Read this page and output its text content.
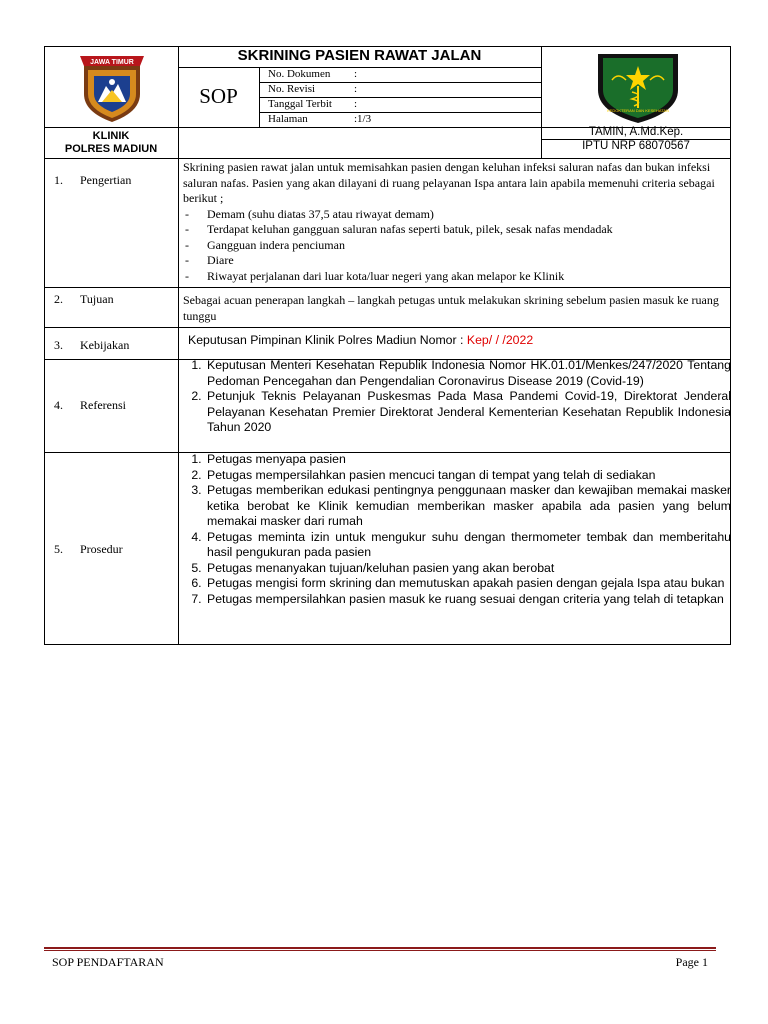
JAWA TIMUR
KLINIK
POLRES MADIUN
SKRINING PASIEN RAWAT JALAN
SOP
No. Dokumen :
No. Revisi	:
Tanggal Terbit :
Halaman	:1/3
KEDOKTERAN DAN KESEHATAN
TAMIN, A.Md.Kep.
IPTU NRP 68070567
1. Pengertian
Skrining pasien rawat jalan untuk memisahkan pasien dengan keluhan infeksi saluran nafas dan bukan infeksi saluran nafas. Pasien yang akan dilayani di ruang pelayanan Ispa antara lain apabila memenuhi criteria sebagai berikut ;
- Demam (suhu diatas 37,5 atau riwayat demam)
- Terdapat keluhan gangguan saluran nafas seperti batuk, pilek, sesak nafas mendadak
- Gangguan indera penciuman
- Diare
- Riwayat perjalanan dari luar kota/luar negeri yang akan melapor ke Klinik
2. Tujuan	Sebagai acuan penerapan langkah – langkah petugas untuk melakukan skrining sebelum pasien masuk ke ruang tunggu
3. Kebijakan	Keputusan Pimpinan Klinik Polres Madiun Nomor : Kep/ / /2022
4. Referensi
1. Keputusan Menteri Kesehatan Republik Indonesia Nomor HK.01.01/Menkes/247/2020 Tentang Pedoman Pencegahan dan Pengendalian Coronavirus Disease 2019 (Covid-19)
2. Petunjuk Teknis Pelayanan Puskesmas Pada Masa Pandemi Covid-19, Direktorat Jenderal Pelayanan Kesehatan Premier Direktorat Jenderal Kementerian Kesehatan Republik Indonesia Tahun 2020
5. Prosedur
1. Petugas menyapa pasien
2. Petugas mempersilahkan pasien mencuci tangan di tempat yang telah di sediakan
3. Petugas memberikan edukasi pentingnya penggunaan masker dan kewajiban memakai masker ketika berobat ke Klinik kemudian memberikan masker apabila ada pasien yang belum memakai masker dari rumah
4. Petugas meminta izin untuk mengukur suhu dengan thermometer tembak dan memberitahu hasil pengukuran pada pasien
5. Petugas menanyakan tujuan/keluhan pasien yang akan berobat
6. Petugas mengisi form skrining dan memutuskan apakah pasien dengan gejala Ispa atau bukan
7. Petugas mempersilahkan pasien masuk ke ruang sesuai dengan criteria yang telah di tetapkan
SOP PENDAFTARAN	Page 1
